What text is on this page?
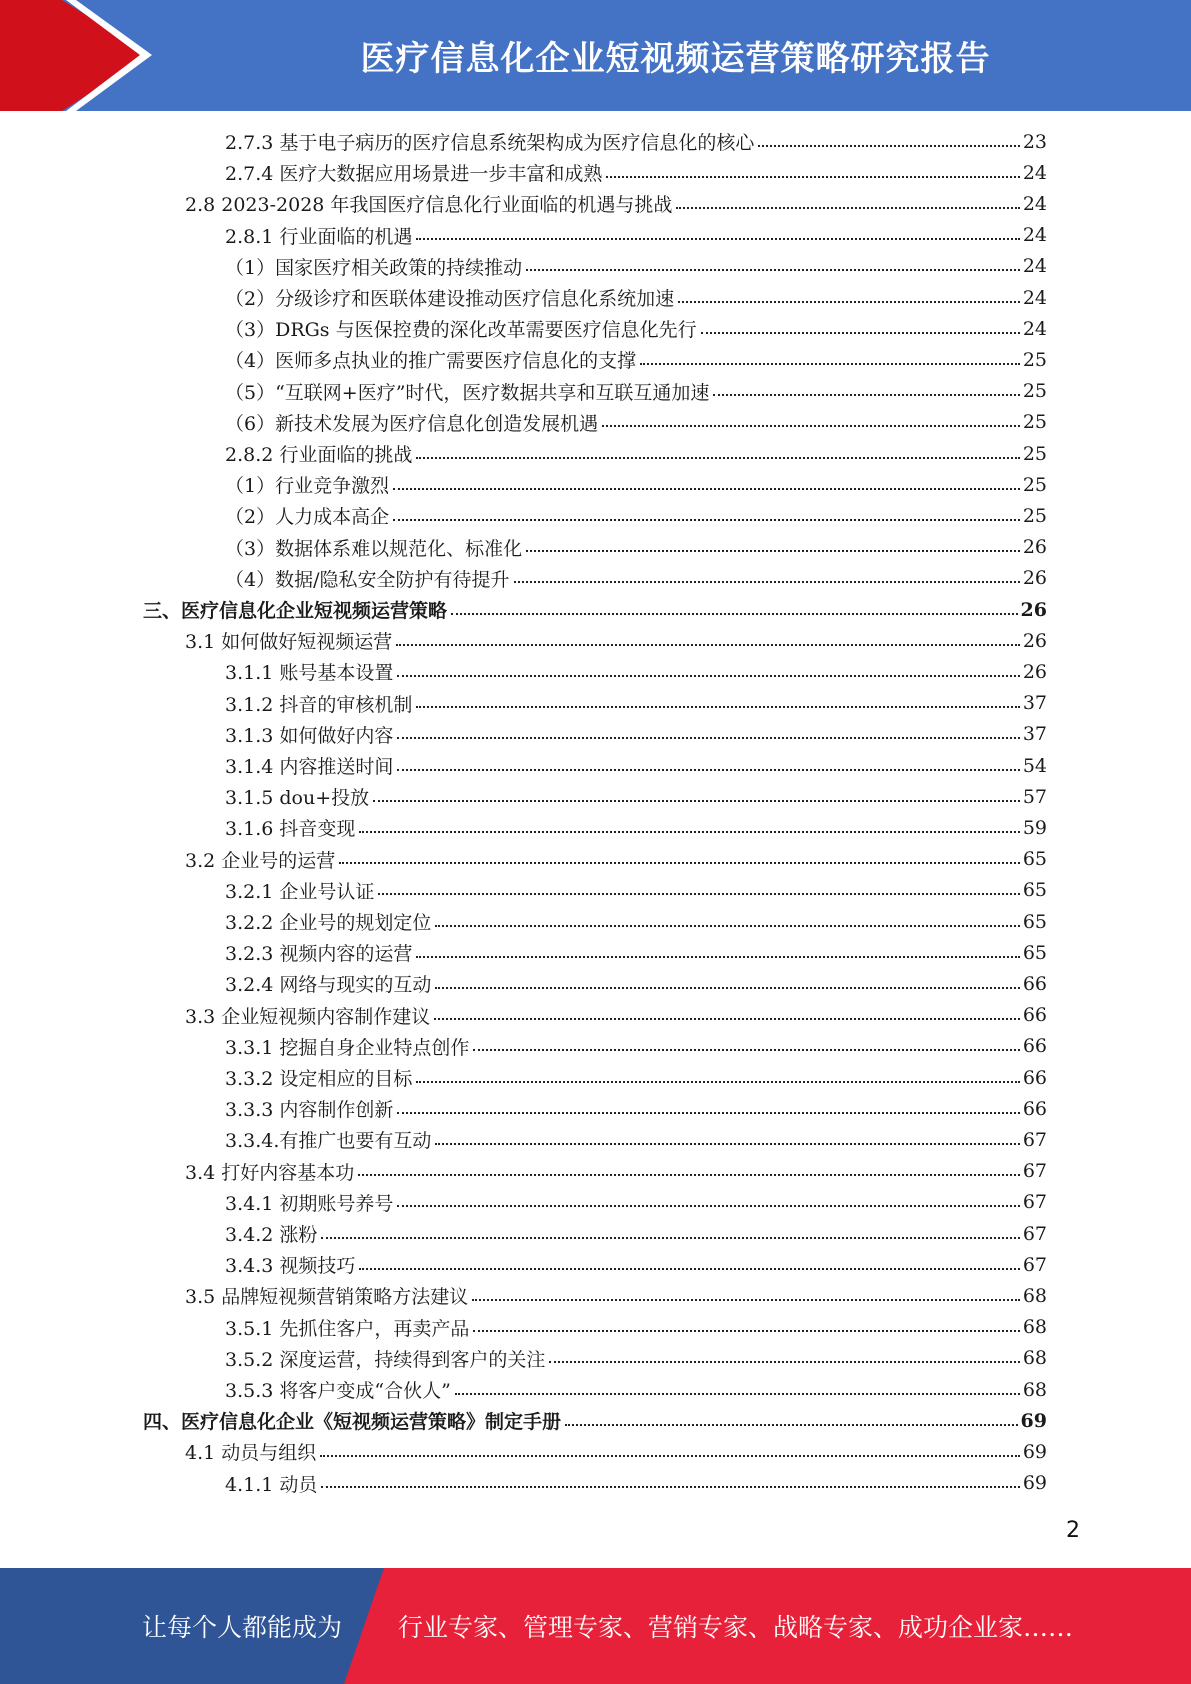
医疗信息化企业短视频运营策略研究报告
2.7.3 基于电子病历的医疗信息系统架构成为医疗信息化的核心	23
2.7.4 医疗大数据应用场景进一步丰富和成熟	24
2.8 2023-2028 年我国医疗信息化行业面临的机遇与挑战	24
2.8.1 行业面临的机遇	24
（1）国家医疗相关政策的持续推动	24
（2）分级诊疗和医联体建设推动医疗信息化系统加速	24
（3）DRGs 与医保控费的深化改革需要医疗信息化先行	24
（4）医师多点执业的推广需要医疗信息化的支撑	25
（5）“互联网+医疗”时代，医疗数据共享和互联互通加速	25
（6）新技术发展为医疗信息化创造发展机遇	25
2.8.2 行业面临的挑战	25
（1）行业竞争激烈	25
（2）人力成本高企	25
（3）数据体系难以规范化、标准化	26
（4）数据/隐私安全防护有待提升	26
三、医疗信息化企业短视频运营策略	26
3.1 如何做好短视频运营	26
3.1.1 账号基本设置	26
3.1.2 抖音的审核机制	37
3.1.3 如何做好内容	37
3.1.4 内容推送时间	54
3.1.5 dou+投放	57
3.1.6 抖音变现	59
3.2 企业号的运营	65
3.2.1 企业号认证	65
3.2.2 企业号的规划定位	65
3.2.3 视频内容的运营	65
3.2.4 网络与现实的互动	66
3.3 企业短视频内容制作建议	66
3.3.1 挖掘自身企业特点创作	66
3.3.2 设定相应的目标	66
3.3.3 内容制作创新	66
3.3.4.有推广也要有互动	67
3.4 打好内容基本功	67
3.4.1 初期账号养号	67
3.4.2 涨粉	67
3.4.3 视频技巧	67
3.5 品牌短视频营销策略方法建议	68
3.5.1 先抓住客户，再卖产品	68
3.5.2 深度运营，持续得到客户的关注	68
3.5.3 将客户变成“合伙人”	68
四、医疗信息化企业《短视频运营策略》制定手册	69
4.1 动员与组织	69
4.1.1 动员	69
2
让每个人都能成为 行业专家、管理专家、营销专家、战略专家、成功企业家……
